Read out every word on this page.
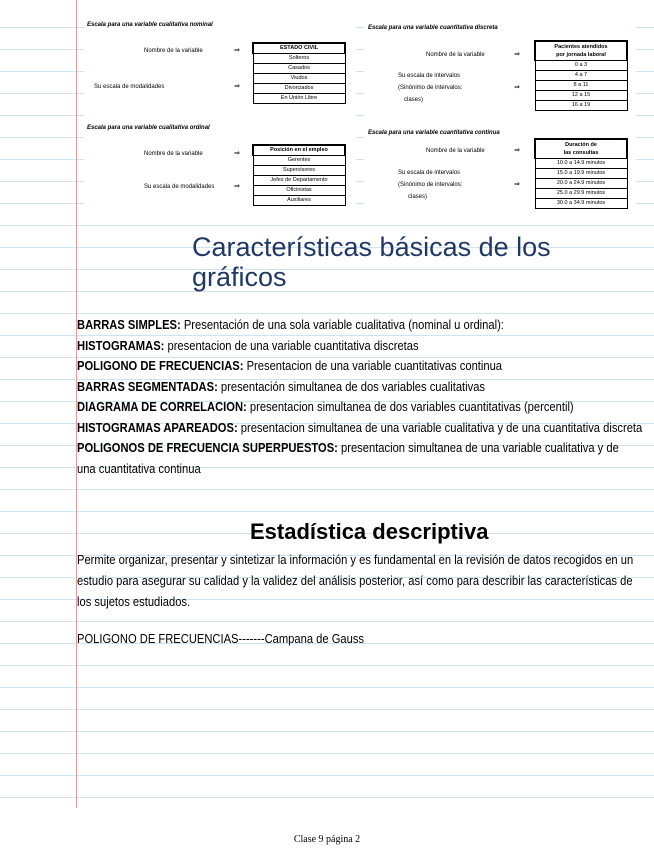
Escala para una variable cualitativa nominal
Nombre de la variable	⇒
Su escala de modalidades	⇒
ESTADO CIVIL
Solteros
Casados
Viudos
Divorciados
En Unión Libre
Escala para una variable cualitativa ordinal
Nombre de la variable	⇒
Su escala de modalidades	⇒
Posición en el empleo
Gerentes
Supervisores
Jefes de Departamento
Oficinistas
Auxiliares
Escala para una variable cuantitativa discreta
Nombre de la variable	⇒
Su escala de intervalos
(Sinónimo de intervalos:	⇒
clases)
Pacientes atendidos
por jornada laboral
0 a 3
4 a 7
8 a 11
12 a 15
16 a 19
Escala para una variable cuantitativa continua
Nombre de la variable	⇒
Su escala de intervalos
(Sinónimo de intervalos:	⇒
clases)
Duración de
las consultas
10.0 a 14.9 minutos
15.0 a 19.9 minutos
20.0 a 24.9 minutos
25.0 a 29.9 minutos
30.0 a 34.9 minutos
Características básicas de los gráficos
BARRAS SIMPLES: Presentación de una sola variable cualitativa (nominal u ordinal):
HISTOGRAMAS: presentacion de una variable cuantitativa discretas
POLIGONO DE FRECUENCIAS: Presentacion de una variable cuantitativas continua
BARRAS SEGMENTADAS: presentación simultanea de dos variables cualitativas
DIAGRAMA DE CORRELACION: presentacion simultanea de dos variables cuantitativas (percentil)
HISTOGRAMAS APAREADOS: presentacion simultanea de una variable cualitativa y de una cuantitativa discreta
POLIGONOS DE FRECUENCIA SUPERPUESTOS: presentacion simultanea de una variable cualitativa y de una cuantitativa continua
Estadística descriptiva
Permite organizar, presentar y sintetizar la información y es fundamental en la revisión de datos recogidos en un estudio para asegurar su calidad y la validez del análisis posterior, así como para describir las características de los sujetos estudiados.
POLIGONO DE FRECUENCIAS-------Campana de Gauss
Clase 9 página 2
